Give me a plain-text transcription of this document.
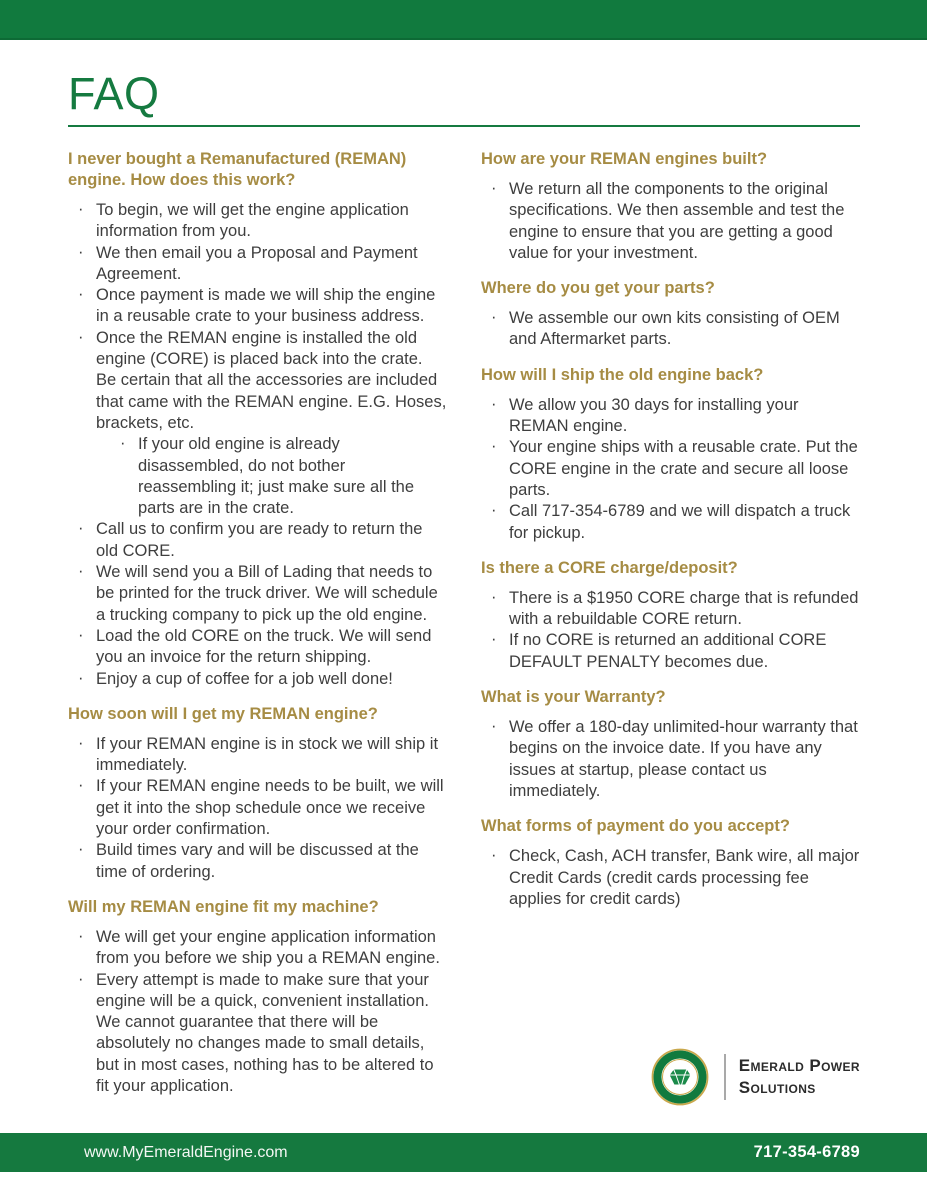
FAQ
I never bought a Remanufactured (REMAN) engine. How does this work?
· To begin, we will get the engine application information from you.
· We then email you a Proposal and Payment Agreement.
· Once payment is made we will ship the engine in a reusable crate to your business address.
· Once the REMAN engine is installed the old engine (CORE) is placed back into the crate. Be certain that all the accessories are included that came with the REMAN engine. E.G. Hoses, brackets, etc.
· If your old engine is already disassembled, do not bother reassembling it; just make sure all the parts are in the crate.
· Call us to confirm you are ready to return the old CORE.
· We will send you a Bill of Lading that needs to be printed for the truck driver. We will schedule a trucking company to pick up the old engine.
· Load the old CORE on the truck. We will send you an invoice for the return shipping.
· Enjoy a cup of coffee for a job well done!
How soon will I get my REMAN engine?
· If your REMAN engine is in stock we will ship it immediately.
· If your REMAN engine needs to be built, we will get it into the shop schedule once we receive your order confirmation.
· Build times vary and will be discussed at the time of ordering.
Will my REMAN engine fit my machine?
· We will get your engine application information from you before we ship you a REMAN engine.
· Every attempt is made to make sure that your engine will be a quick, convenient installation. We cannot guarantee that there will be absolutely no changes made to small details, but in most cases, nothing has to be altered to fit your application.
How are your REMAN engines built?
· We return all the components to the original specifications. We then assemble and test the engine to ensure that you are getting a good value for your investment.
Where do you get your parts?
· We assemble our own kits consisting of OEM and Aftermarket parts.
How will I ship the old engine back?
· We allow you 30 days for installing your REMAN engine.
· Your engine ships with a reusable crate. Put the CORE engine in the crate and secure all loose parts.
· Call 717-354-6789 and we will dispatch a truck for pickup.
Is there a CORE charge/deposit?
· There is a $1950 CORE charge that is refunded with a rebuildable CORE return.
· If no CORE is returned an additional CORE DEFAULT PENALTY becomes due.
What is your Warranty?
· We offer a 180-day unlimited-hour warranty that begins on the invoice date. If you have any issues at startup, please contact us immediately.
What forms of payment do you accept?
· Check, Cash, ACH transfer, Bank wire, all major Credit Cards (credit cards processing fee applies for credit cards)
Emerald Power
Solutions
www.MyEmeraldEngine.com	717-354-6789
